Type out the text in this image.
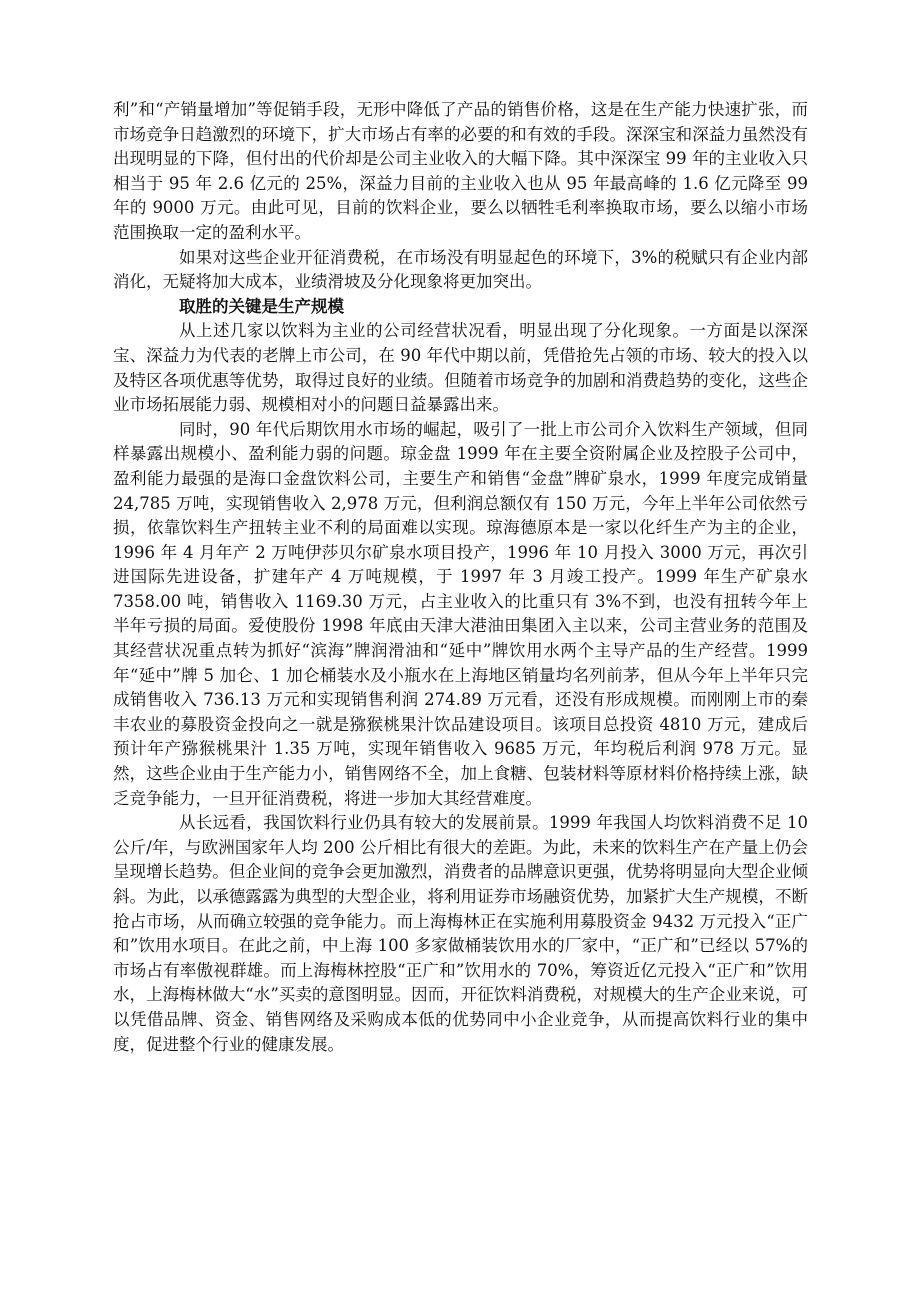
利”和“产销量增加”等促销手段，无形中降低了产品的销售价格，这是在生产能力快速扩张，而市场竞争日趋激烈的环境下，扩大市场占有率的必要的和有效的手段。深深宝和深益力虽然没有出现明显的下降，但付出的代价却是公司主业收入的大幅下降。其中深深宝 99 年的主业收入只相当于 95 年 2.6 亿元的 25%，深益力目前的主业收入也从 95 年最高峰的 1.6 亿元降至 99 年的 9000 万元。由此可见，目前的饮料企业，要么以牺牲毛利率换取市场，要么以缩小市场范围换取一定的盈利水平。

如果对这些企业开征消费税，在市场没有明显起色的环境下，3%的税赋只有企业内部消化，无疑将加大成本，业绩滑坡及分化现象将更加突出。

取胜的关键是生产规模

从上述几家以饮料为主业的公司经营状况看，明显出现了分化现象。一方面是以深深宝、深益力为代表的老牌上市公司，在 90 年代中期以前，凭借抢先占领的市场、较大的投入以及特区各项优惠等优势，取得过良好的业绩。但随着市场竞争的加剧和消费趋势的变化，这些企业市场拓展能力弱、规模相对小的问题日益暴露出来。

同时，90 年代后期饮用水市场的崛起，吸引了一批上市公司介入饮料生产领域，但同样暴露出规模小、盈利能力弱的问题。琼金盘 1999 年在主要全资附属企业及控股子公司中，盈利能力最强的是海口金盘饮料公司，主要生产和销售“金盘”牌矿泉水，1999 年度完成销量 24,785 万吨，实现销售收入 2,978 万元，但利润总额仅有 150 万元，今年上半年公司依然亏损，依靠饮料生产扭转主业不利的局面难以实现。琼海德原本是一家以化纤生产为主的企业，1996 年 4 月年产 2 万吨伊莎贝尔矿泉水项目投产，1996 年 10 月投入 3000 万元，再次引进国际先进设备，扩建年产 4 万吨规模，于 1997 年 3 月竣工投产。1999 年生产矿泉水 7358.00 吨，销售收入 1169.30 万元，占主业收入的比重只有 3%不到，也没有扭转今年上半年亏损的局面。爱使股份 1998 年底由天津大港油田集团入主以来，公司主营业务的范围及其经营状况重点转为抓好“滨海”牌润滑油和“延中”牌饮用水两个主导产品的生产经营。1999 年“延中”牌 5 加仑、1 加仑桶装水及小瓶水在上海地区销量均名列前茅，但从今年上半年只完成销售收入 736.13 万元和实现销售利润 274.89 万元看，还没有形成规模。而刚刚上市的秦丰农业的募股资金投向之一就是猕猴桃果汁饮品建设项目。该项目总投资 4810 万元，建成后预计年产猕猴桃果汁 1.35 万吨，实现年销售收入 9685 万元，年均税后利润 978 万元。显然，这些企业由于生产能力小，销售网络不全，加上食糖、包装材料等原材料价格持续上涨，缺乏竞争能力，一旦开征消费税，将进一步加大其经营难度。

从长远看，我国饮料行业仍具有较大的发展前景。1999 年我国人均饮料消费不足 10 公斤/年，与欧洲国家年人均 200 公斤相比有很大的差距。为此，未来的饮料生产在产量上仍会呈现增长趋势。但企业间的竞争会更加激烈，消费者的品牌意识更强，优势将明显向大型企业倾斜。为此，以承德露露为典型的大型企业，将利用证券市场融资优势，加紧扩大生产规模，不断抢占市场，从而确立较强的竞争能力。而上海梅林正在实施利用募股资金 9432 万元投入“正广和”饮用水项目。在此之前，中上海 100 多家做桶装饮用水的厂家中，“正广和”已经以 57%的市场占有率傲视群雄。而上海梅林控股“正广和”饮用水的 70%，筹资近亿元投入“正广和”饮用水，上海梅林做大“水”买卖的意图明显。因而，开征饮料消费税，对规模大的生产企业来说，可以凭借品牌、资金、销售网络及采购成本低的优势同中小企业竞争，从而提高饮料行业的集中度，促进整个行业的健康发展。
